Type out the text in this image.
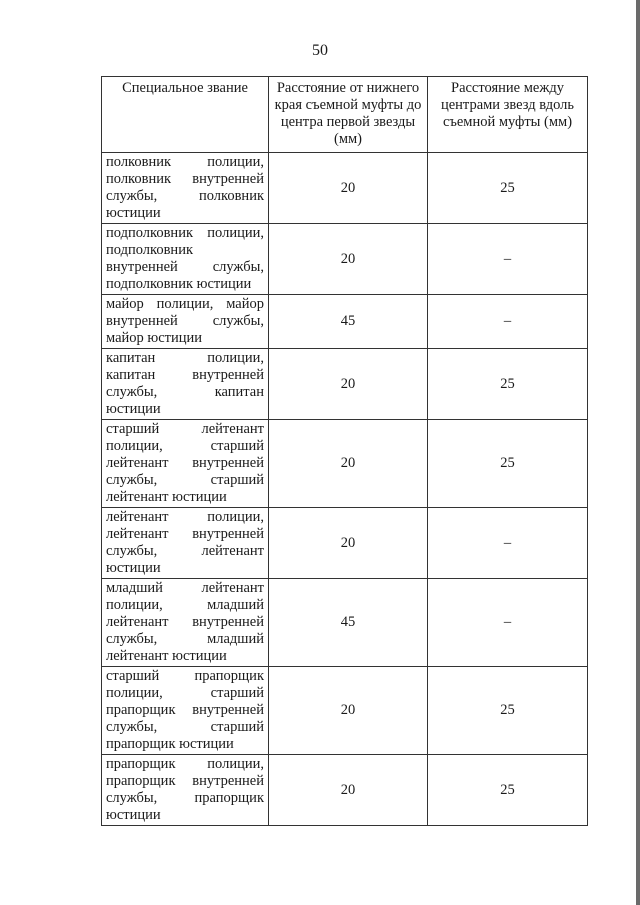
50
Специальное звание	Расстояние от нижнего края съемной муфты до центра первой звезды (мм)	Расстояние между центрами звезд вдоль съемной муфты (мм)
полковник полиции, полковник внутренней службы, полковник юстиции	20	25
подполковник полиции, подполковник внутренней службы, подполковник юстиции	20	–
майор полиции, майор внутренней службы, майор юстиции	45	–
капитан полиции, капитан внутренней службы, капитан юстиции	20	25
старший лейтенант полиции, старший лейтенант внутренней службы, старший лейтенант юстиции	20	25
лейтенант полиции, лейтенант внутренней службы, лейтенант юстиции	20	–
младший лейтенант полиции, младший лейтенант внутренней службы, младший лейтенант юстиции	45	–
старший прапорщик полиции, старший прапорщик внутренней службы, старший прапорщик юстиции	20	25
прапорщик полиции, прапорщик внутренней службы, прапорщик юстиции	20	25
